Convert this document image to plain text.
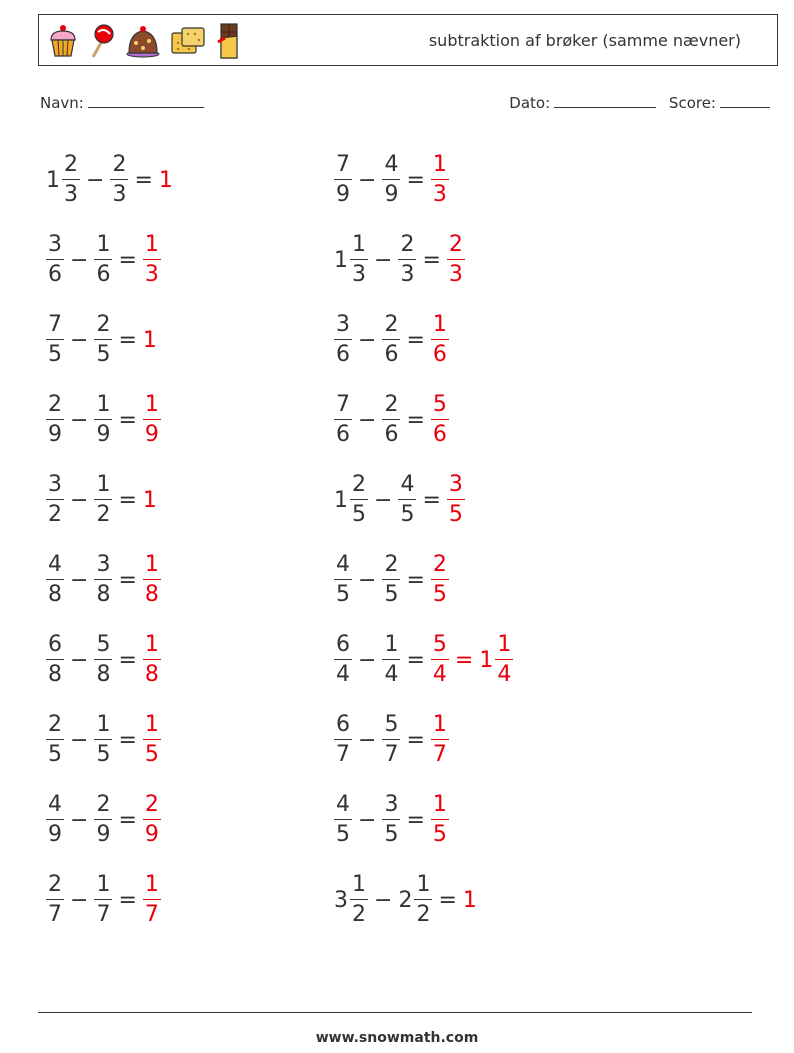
subtraktion af brøker (samme nævner)
Navn:	Dato:	Score:
$1 \frac{2}{3} - \frac{2}{3} = 1$
$\frac{3}{6} - \frac{1}{6} = \frac{1}{3}$
$\frac{7}{5} - \frac{2}{5} = 1$
$\frac{2}{9} - \frac{1}{9} = \frac{1}{9}$
$\frac{3}{2} - \frac{1}{2} = 1$
$\frac{4}{8} - \frac{3}{8} = \frac{1}{8}$
$\frac{6}{8} - \frac{5}{8} = \frac{1}{8}$
$\frac{2}{5} - \frac{1}{5} = \frac{1}{5}$
$\frac{4}{9} - \frac{2}{9} = \frac{2}{9}$
$\frac{2}{7} - \frac{1}{7} = \frac{1}{7}$
$\frac{7}{9} - \frac{4}{9} = \frac{1}{3}$
$1 \frac{1}{3} - \frac{2}{3} = \frac{2}{3}$
$\frac{3}{6} - \frac{2}{6} = \frac{1}{6}$
$\frac{7}{6} - \frac{2}{6} = \frac{5}{6}$
$1 \frac{2}{5} - \frac{4}{5} = \frac{3}{5}$
$\frac{4}{5} - \frac{2}{5} = \frac{2}{5}$
$\frac{6}{4} - \frac{1}{4} = \frac{5}{4} = 1 \frac{1}{4}$
$\frac{6}{7} - \frac{5}{7} = \frac{1}{7}$
$\frac{4}{5} - \frac{3}{5} = \frac{1}{5}$
$3 \frac{1}{2} - 2 \frac{1}{2} = 1$
www.snowmath.com
